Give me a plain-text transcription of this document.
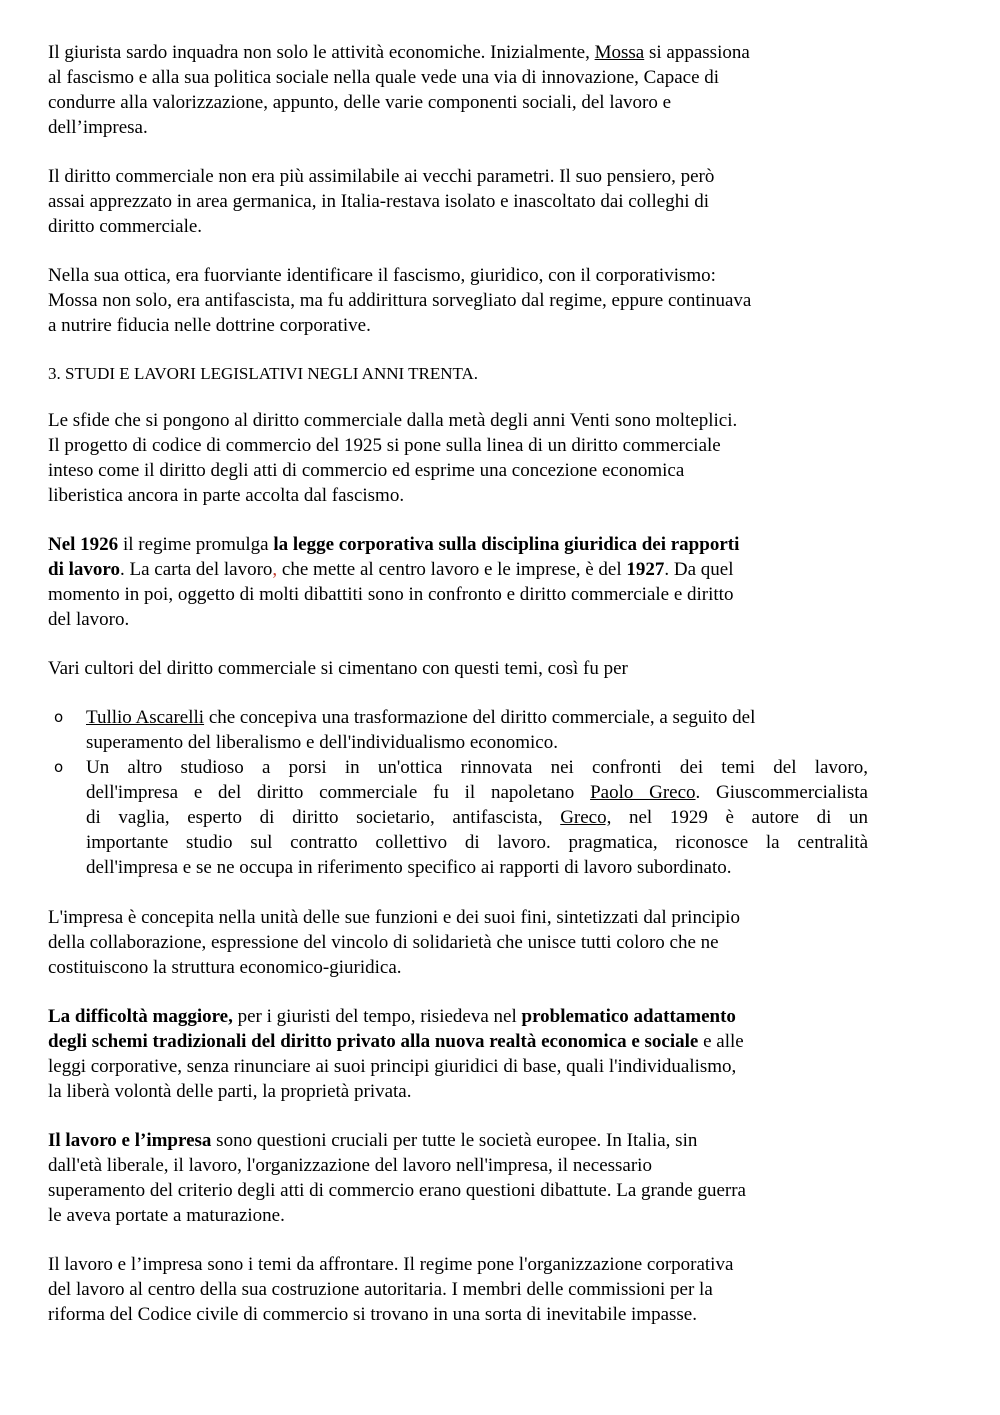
Il giurista sardo inquadra non solo le attività economiche. Inizialmente, Mossa si appassiona
al fascismo e alla sua politica sociale nella quale vede una via di innovazione, Capace di
condurre alla valorizzazione, appunto, delle varie componenti sociali, del lavoro e
dell’impresa.
Il diritto commerciale non era più assimilabile ai vecchi parametri. Il suo pensiero, però
assai apprezzato in area germanica, in Italia-restava isolato e inascoltato dai colleghi di
diritto commerciale.
Nella sua ottica, era fuorviante identificare il fascismo, giuridico, con il corporativismo:
Mossa non solo, era antifascista, ma fu addirittura sorvegliato dal regime, eppure continuava
a nutrire fiducia nelle dottrine corporative.
3. STUDI E LAVORI LEGISLATIVI NEGLI ANNI TRENTA.
Le sfide che si pongono al diritto commerciale dalla metà degli anni Venti sono molteplici.
Il progetto di codice di commercio del 1925 si pone sulla linea di un diritto commerciale
inteso come il diritto degli atti di commercio ed esprime una concezione economica
liberistica ancora in parte accolta dal fascismo.
Nel 1926 il regime promulga la legge corporativa sulla disciplina giuridica dei rapporti
di lavoro. La carta del lavoro, che mette al centro lavoro e le imprese, è del 1927. Da quel
momento in poi, oggetto di molti dibattiti sono in confronto e diritto commerciale e diritto
del lavoro.
Vari cultori del diritto commerciale si cimentano con questi temi, così fu per
o Tullio Ascarelli che concepiva una trasformazione del diritto commerciale, a seguito del
superamento del liberalismo e dell'individualismo economico.
o Un altro studioso a porsi in un'ottica rinnovata nei confronti dei temi del lavoro,
dell'impresa e del diritto commerciale fu il napoletano Paolo Greco. Giuscommercialista
di vaglia, esperto di diritto societario, antifascista, Greco, nel 1929 è autore di un
importante studio sul contratto collettivo di lavoro. pragmatica, riconosce la centralità
dell'impresa e se ne occupa in riferimento specifico ai rapporti di lavoro subordinato.
L'impresa è concepita nella unità delle sue funzioni e dei suoi fini, sintetizzati dal principio
della collaborazione, espressione del vincolo di solidarietà che unisce tutti coloro che ne
costituiscono la struttura economico-giuridica.
La difficoltà maggiore, per i giuristi del tempo, risiedeva nel problematico adattamento
degli schemi tradizionali del diritto privato alla nuova realtà economica e sociale e alle
leggi corporative, senza rinunciare ai suoi principi giuridici di base, quali l'individualismo,
la liberà volontà delle parti, la proprietà privata.
Il lavoro e l’impresa sono questioni cruciali per tutte le società europee. In Italia, sin
dall'età liberale, il lavoro, l'organizzazione del lavoro nell'impresa, il necessario
superamento del criterio degli atti di commercio erano questioni dibattute. La grande guerra
le aveva portate a maturazione.
Il lavoro e l’impresa sono i temi da affrontare. Il regime pone l'organizzazione corporativa
del lavoro al centro della sua costruzione autoritaria. I membri delle commissioni per la
riforma del Codice civile di commercio si trovano in una sorta di inevitabile impasse.
